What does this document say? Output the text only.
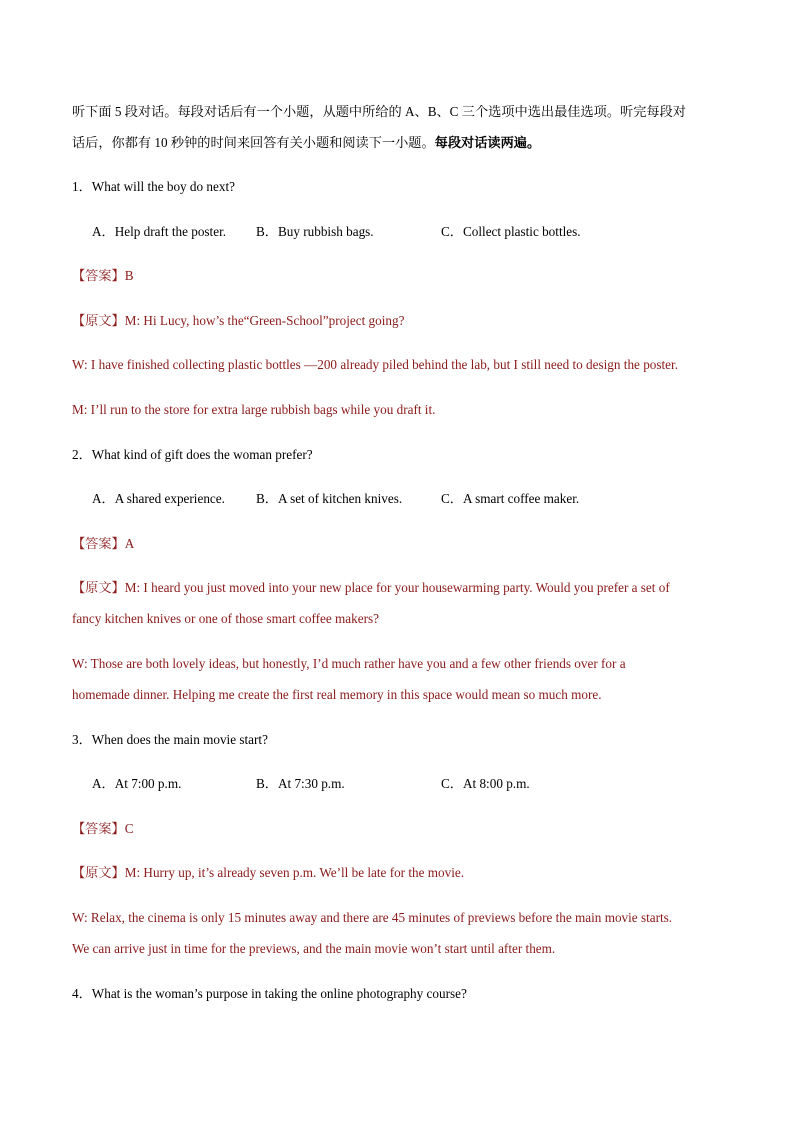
听下面 5 段对话。每段对话后有一个小题，从题中所给的 A、B、C 三个选项中选出最佳选项。听完每段对
话后，你都有 10 秒钟的时间来回答有关小题和阅读下一小题。每段对话读两遍。
1．What will the boy do next?
A．Help draft the poster. B．Buy rubbish bags.	C．Collect plastic bottles.
【答案】B
【原文】M: Hi Lucy, how’s the“Green-School”project going?
W: I have finished collecting plastic bottles —200 already piled behind the lab, but I still need to design the poster.
M: I’ll run to the store for extra large rubbish bags while you draft it.
2．What kind of gift does the woman prefer?
A．A shared experience. B．A set of kitchen knives.	C．A smart coffee maker.
【答案】A
【原文】M: I heard you just moved into your new place for your housewarming party. Would you prefer a set of
fancy kitchen knives or one of those smart coffee makers?
W: Those are both lovely ideas, but honestly, I’d much rather have you and a few other friends over for a
homemade dinner. Helping me create the first real memory in this space would mean so much more.
3．When does the main movie start?
A．At 7:00 p.m.	B．At 7:30 p.m.	C．At 8:00 p.m.
【答案】C
【原文】M: Hurry up, it’s already seven p.m. We’ll be late for the movie.
W: Relax, the cinema is only 15 minutes away and there are 45 minutes of previews before the main movie starts.
We can arrive just in time for the previews, and the main movie won’t start until after them.
4．What is the woman’s purpose in taking the online photography course?
